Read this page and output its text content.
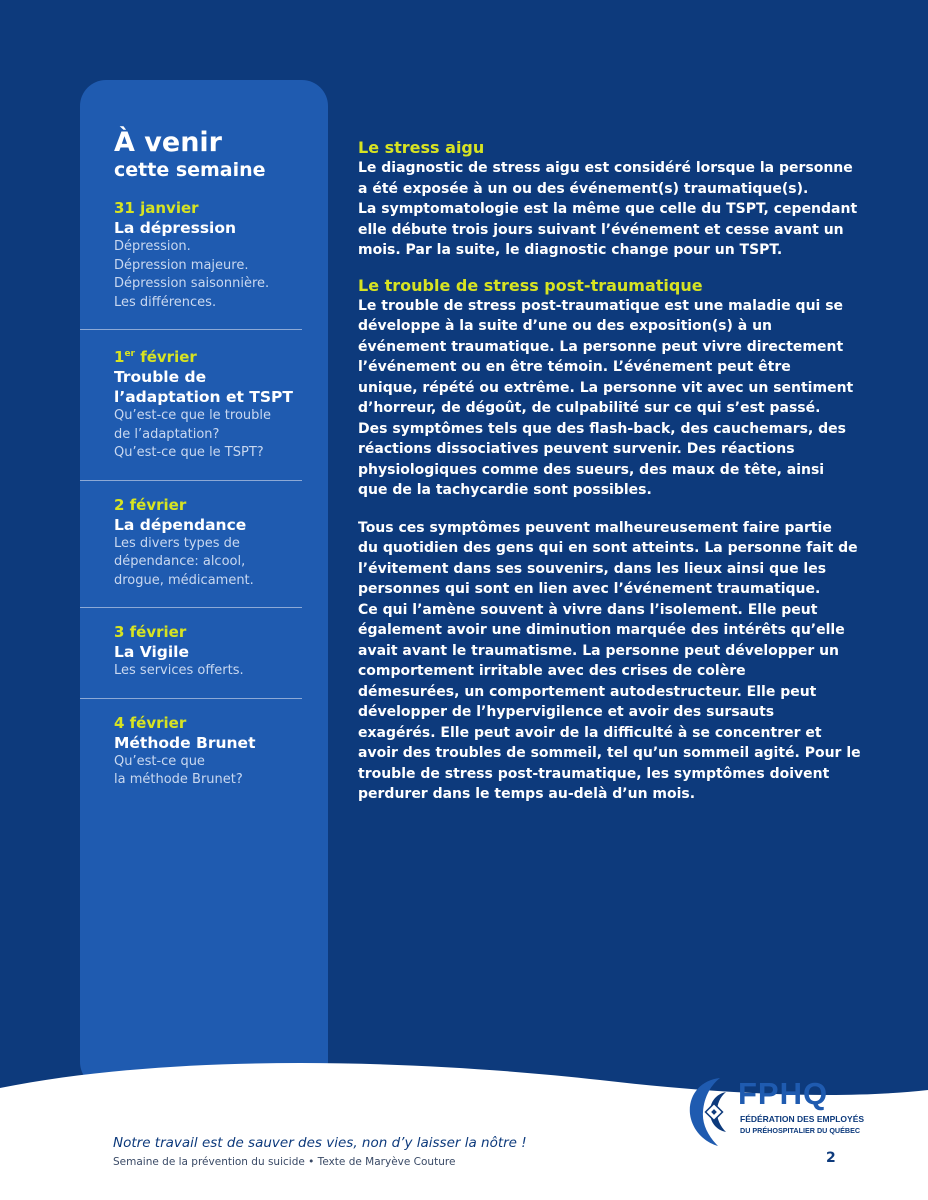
À venir
cette semaine
31 janvier
La dépression
Dépression.
Dépression majeure.
Dépression saisonnière.
Les différences.
1er février
Trouble de
l’adaptation et TSPT
Qu’est-ce que le trouble
de l’adaptation?
Qu’est-ce que le TSPT?
2 février
La dépendance
Les divers types de
dépendance: alcool,
drogue, médicament.
3 février
La Vigile
Les services offerts.
4 février
Méthode Brunet
Qu’est-ce que
la méthode Brunet?
Le stress aigu

Le diagnostic de stress aigu est considéré lorsque la personne
a été exposée à un ou des événement(s) traumatique(s).
La symptomatologie est la même que celle du TSPT, cependant
elle débute trois jours suivant l’événement et cesse avant un
mois. Par la suite, le diagnostic change pour un TSPT.

Le trouble de stress post-traumatique

Le trouble de stress post-traumatique est une maladie qui se
développe à la suite d’une ou des exposition(s) à un
événement traumatique. La personne peut vivre directement
l’événement ou en être témoin. L’événement peut être
unique, répété ou extrême. La personne vit avec un sentiment
d’horreur, de dégoût, de culpabilité sur ce qui s’est passé.
Des symptômes tels que des flash-back, des cauchemars, des
réactions dissociatives peuvent survenir. Des réactions
physiologiques comme des sueurs, des maux de tête, ainsi
que de la tachycardie sont possibles.

Tous ces symptômes peuvent malheureusement faire partie
du quotidien des gens qui en sont atteints. La personne fait de
l’évitement dans ses souvenirs, dans les lieux ainsi que les
personnes qui sont en lien avec l’événement traumatique.
Ce qui l’amène souvent à vivre dans l’isolement. Elle peut
également avoir une diminution marquée des intérêts qu’elle
avait avant le traumatisme. La personne peut développer un
comportement irritable avec des crises de colère
démesurées, un comportement autodestructeur. Elle peut
développer de l’hypervigilence et avoir des sursauts
exagérés. Elle peut avoir de la difficulté à se concentrer et
avoir des troubles de sommeil, tel qu’un sommeil agité. Pour le
trouble de stress post-traumatique, les symptômes doivent
perdurer dans le temps au-delà d’un mois.

FPHQ
FÉDÉRATION DES EMPLOYÉS
DU PRÉHOSPITALIER DU QUÉBEC
Notre travail est de sauver des vies, non d’y laisser la nôtre !
Semaine de la prévention du suicide • Texte de Maryève Couture	2
